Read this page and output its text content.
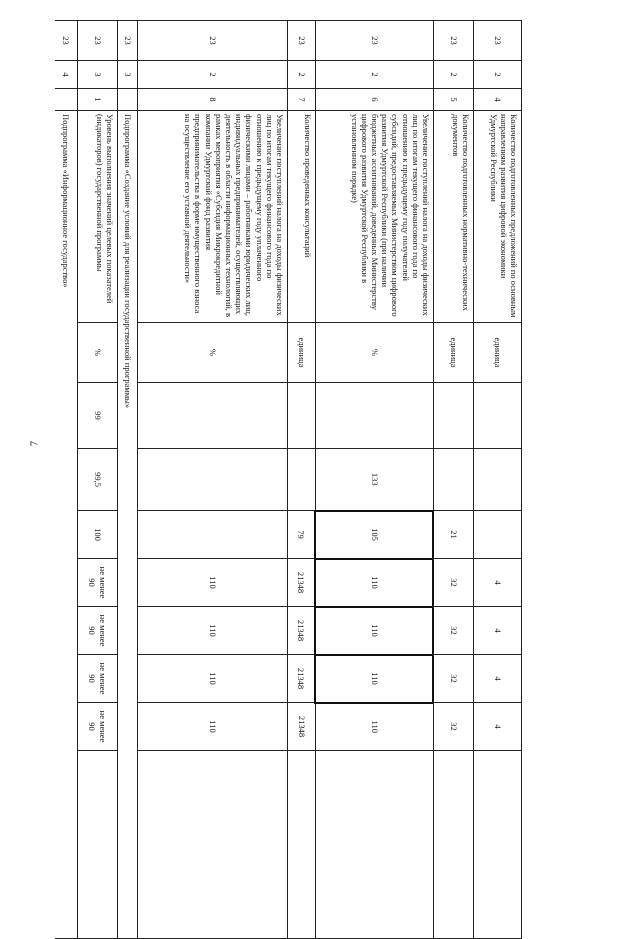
7
23	2	4	Количество подготовленных предложений по основным направлениям развития цифровой экономики Удмуртской Республики	единица				4	4	4	4	
23	2	5	Количество подготовленных нормативно-технических документов	единица			21	32	32	32	32	
23	2	6	Увеличение поступлений налога на доходы физических лиц по итогам текущего финансового года по отношению к предыдущему году получателей субсидий, предоставляемых Министерством цифрового развития Удмуртской Республики (при наличии бюджетных ассигнований, доведенных Министерству цифрового развития Удмуртской Республики в установленном порядке)	%		133	105	110	110	110	110	
23	2	7	Количество проведенных консультаций	единица			79	21348	21348	21348	21348	
23	2	8	Увеличение поступлений налога на доходы физических лиц по итогам текущего финансового года по отношению к предыдущему году уплаченного физическими лицами – работниками юридических лиц, индивидуальных предпринимателей, осуществляющих деятельность в области информационных технологий, в рамках мероприятия «Субсидия Микрокредитной компании Удмуртский фонд развития предпринимательства в форме имущественного взноса на осуществление его уставной деятельности»	%				110	110	110	110	
23	3		Подпрограмма «Создание условий для реализации государственной программы»									
23	3	1	Уровень выполнения значений целевых показателей (индикаторов) государственной программы	%	99	99,5	100	не менее 90	не менее 90	не менее 90	не менее 90	
23	4		Подпрограмма «Информационное государство»									
